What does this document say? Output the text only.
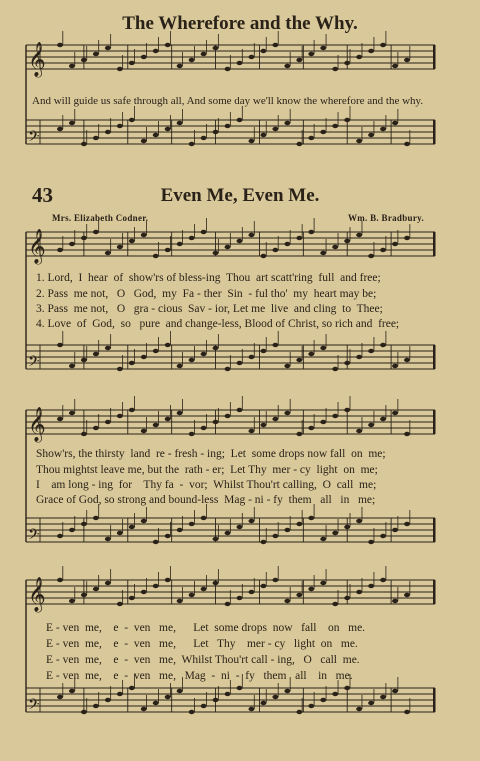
The Wherefore and the Why.
𝄞
𝄢
𝄞
𝄢
𝄞
𝄢
𝄞
𝄢
And will guide us safe through all, And some day we'll know the wherefore and the why.
43	Even Me, Even Me.
Mrs. Elizabeth Codner.	Wm. B. Bradbury.
1. Lord,  I  hear  of  show'rs of bless-ing  Thou  art scatt'ring  full  and free;
2. Pass  me not,   O   God,  my  Fa - ther  Sin  - ful tho'  my  heart may be;
3. Pass  me not,   O   gra - cious  Sav - ior, Let me  live  and cling  to  Thee;
4. Love  of  God,  so   pure  and change-less, Blood of Christ, so rich and  free;
Show'rs, the thirsty  land  re - fresh - ing;  Let  some drops now fall  on  me;
Thou mightst leave me, but the  rath - er;  Let Thy  mer - cy  light  on  me;
I    am long - ing  for    Thy fa  -  vor;  Whilst Thou'rt calling,  O  call  me;
Grace of God, so strong and bound-less  Mag - ni - fy  them   all   in   me;
E - ven  me,    e  -  ven   me,      Let  some drops  now   fall    on   me.
E - ven  me,    e  -  ven   me,      Let   Thy    mer - cy   light  on   me.
E - ven  me,    e  -  ven   me,  Whilst Thou'rt call - ing,   O   call  me.
E - ven  me,    e  -  ven   me,   Mag  -  ni  -  fy   them   all    in   me.
